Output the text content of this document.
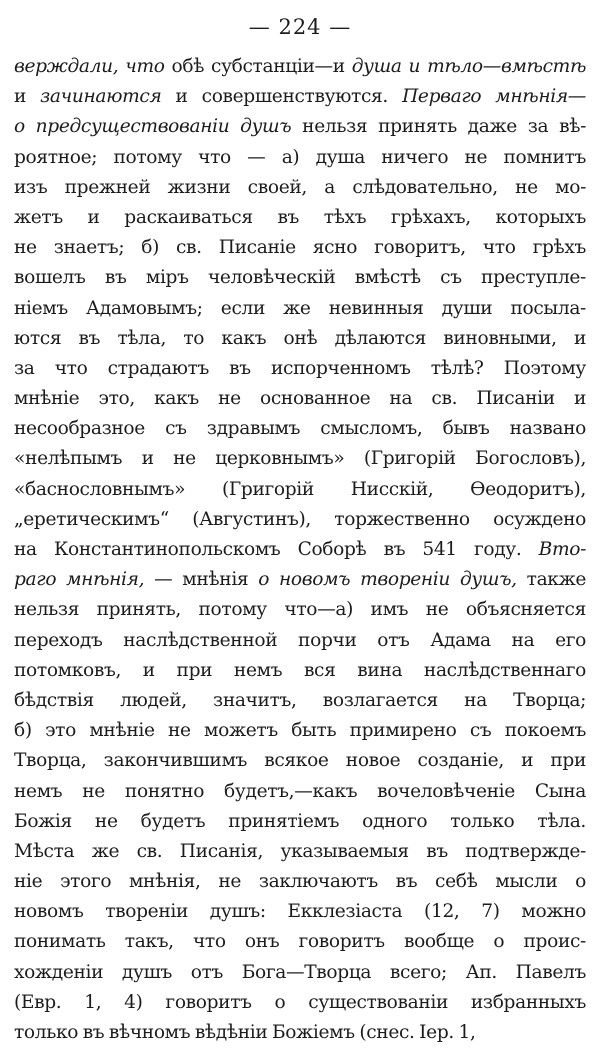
— 224 —
верждали, что обѣ субстанціи—и душа и тѣло—вмѣстѣ
и зачинаются и совершенствуются. Перваго мнѣнія—
о предсуществованіи душъ нельзя принять даже за вѣ-
роятное; потому что — а) душа ничего не помнитъ
изъ прежней жизни своей, а слѣдовательно, не мо-
жетъ и раскаиваться въ тѣхъ грѣхахъ, которыхъ
не знаетъ; б) св. Писаніе ясно говоритъ, что грѣхъ
вошелъ въ міръ человѣческій вмѣстѣ съ преступле-
ніемъ Адамовымъ; если же невинныя души посыла-
ются въ тѣла, то какъ онѣ дѣлаются виновными, и
за что страдаютъ въ испорченномъ тѣлѣ? Поэтому
мнѣніе это, какъ не основанное на св. Писаніи и
несообразное съ здравымъ смысломъ, бывъ названо
«нелѣпымъ и не церковнымъ» (Григорій Богословъ),
«баснословнымъ» (Григорій Нисскій, Ѳеодоритъ),
„еретическимъ“ (Августинъ), торжественно осуждено
на Константинопольскомъ Соборѣ въ 541 году. Вто-
раго мнѣнія, — мнѣнія о новомъ твореніи душъ, также
нельзя принять, потому что—а) имъ не объясняется
переходъ наслѣдственной порчи отъ Адама на его
потомковъ, и при немъ вся вина наслѣдственнаго
бѣдствія людей, значитъ, возлагается на Творца;
б) это мнѣніе не можетъ быть примирено съ покоемъ
Творца, закончившимъ всякое новое созданіе, и при
немъ не понятно будетъ,—какъ вочеловѣченіе Сына
Божія не будетъ принятіемъ одного только тѣла.
Мѣста же св. Писанія, указываемыя въ подтвержде-
ніе этого мнѣнія, не заключаютъ въ себѣ мысли о
новомъ твореніи душъ: Екклезіаста (12, 7) можно
понимать такъ, что онъ говоритъ вообще о проис-
хожденіи душъ отъ Бога—Творца всего; Ап. Павелъ
(Евр. 1, 4) говоритъ о существованіи избранныхъ
только въ вѣчномъ вѣдѣніи Божіемъ (снес. Іер. 1,
